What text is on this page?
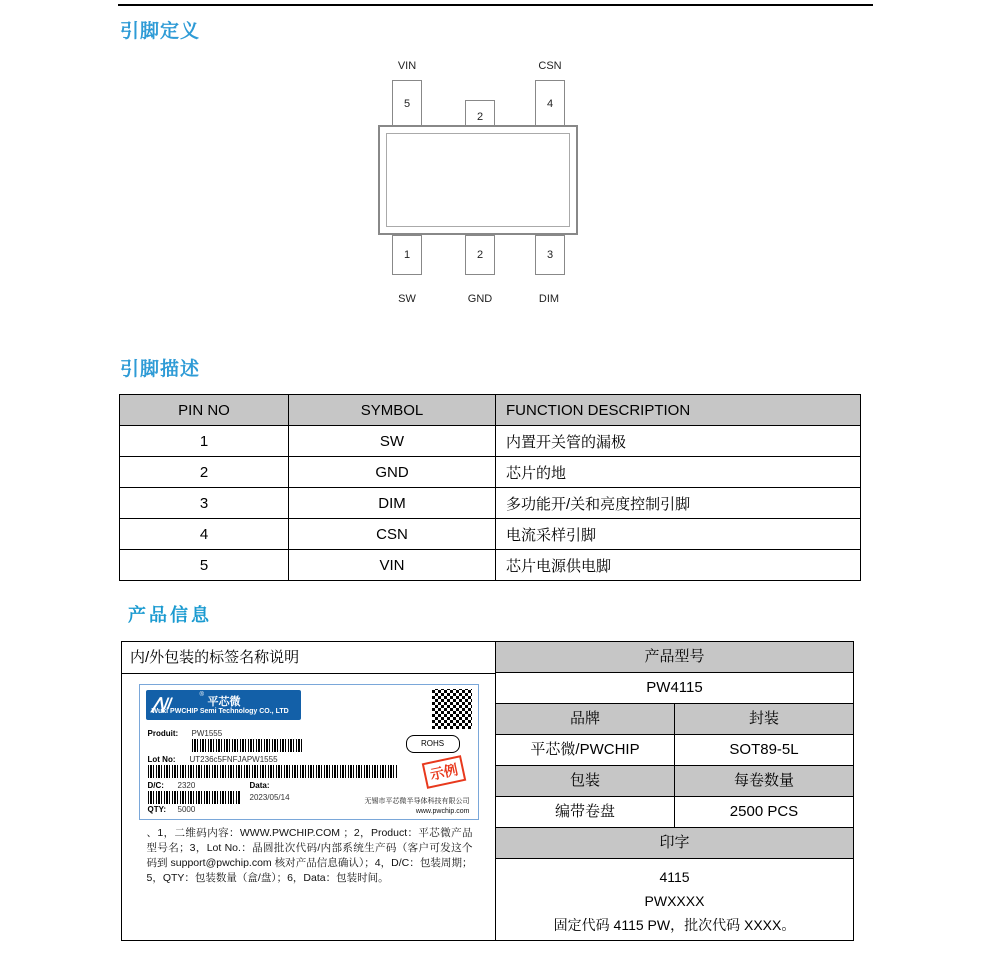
引脚定义
VIN	CSN
5
2
4
1	2	3
SW	GND	DIM
引脚描述
PIN NO	SYMBOL	FUNCTION DESCRIPTION
1	SW	内置开关管的漏极
2	GND	芯片的地
3	DIM	多功能开/关和亮度控制引脚
4	CSN	电流采样引脚
5	VIN	芯片电源供电脚
产品信息
内/外包装的标签名称说明
⋀//
®
平芯微
Wuxi PWCHIP Semi Technology CO., LTD
Produit: PW1555
Lot No: UT236c5FNFJAPW1555
D/C: 2320	Data:
2023/05/14
QTY: 5000
ROHS
示例
无锡市平芯微半导体科技有限公司
www.pwchip.com
、1，二维码内容：WWW.PWCHIP.COM ；2，Product：平芯微产品型号名；3，Lot No.：晶圆批次代码/内部系统生产码（客户可发这个码到 support@pwchip.com 核对产品信息确认）；4，D/C：包装周期；5，QTY：包装数量（盒/盘）；6，Data：包装时间。
产品型号
PW4115
品牌	封装
平芯微/PWCHIP	SOT89-5L
包装	每卷数量
编带卷盘	2500 PCS
印字
4115
PWXXXX
固定代码 4115 PW，批次代码 XXXX。
